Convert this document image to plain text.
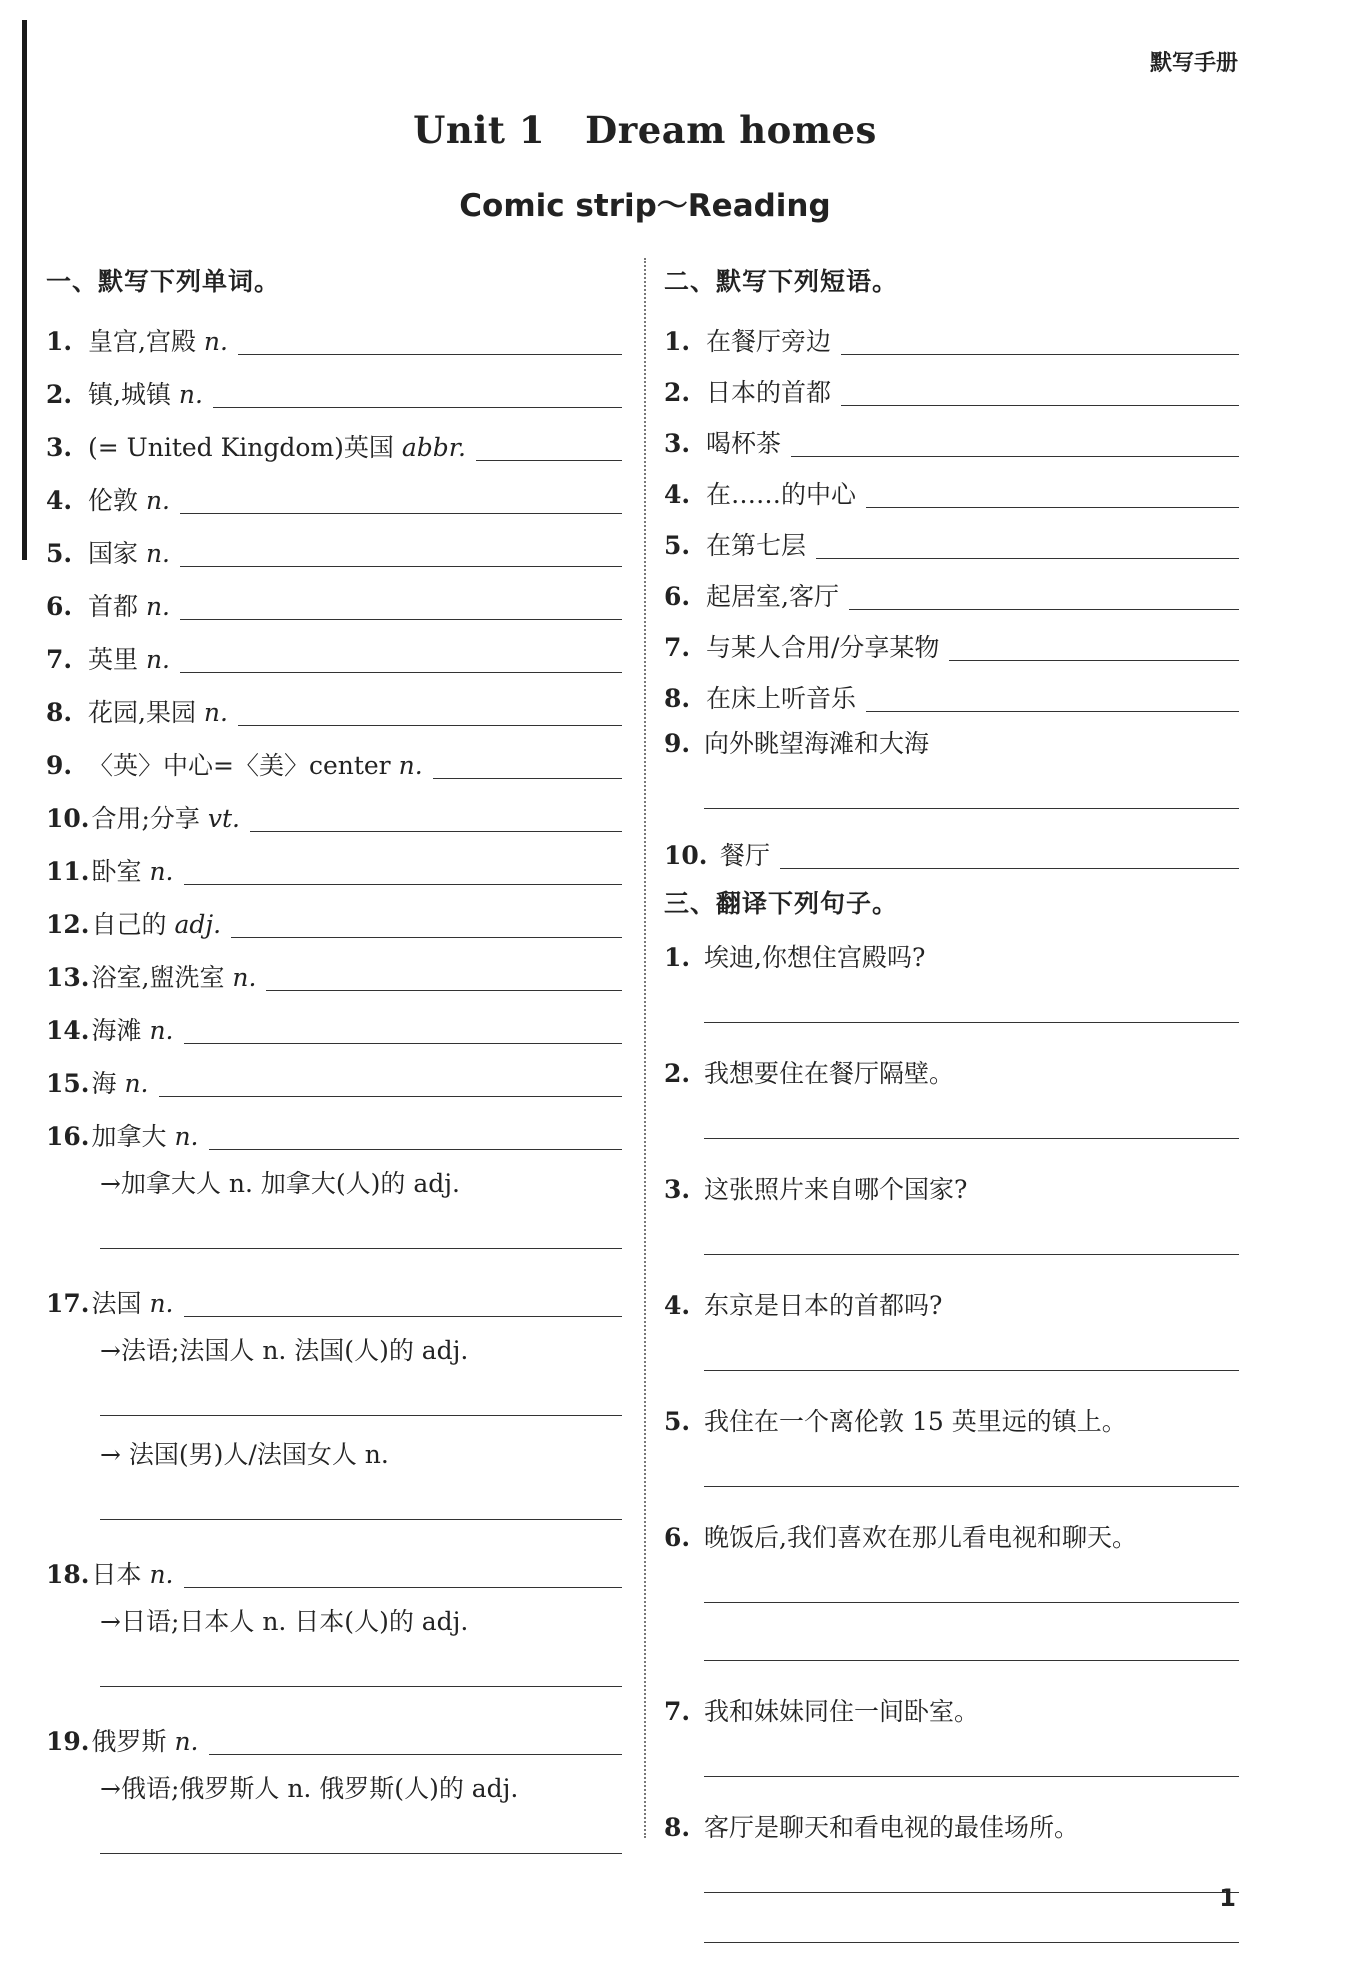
默写手册
Unit 1 Dream homes
Comic strip～Reading
一、默写下列单词。
1. 皇宫,宫殿 n.
2. 镇,城镇 n.
3. (= United Kingdom)英国 abbr.
4. 伦敦 n.
5. 国家 n.
6. 首都 n.
7. 英里 n.
8. 花园,果园 n.
9. 〈英〉中心=〈美〉center n.
10. 合用;分享 vt.
11. 卧室 n.
12. 自己的 adj.
13. 浴室,盥洗室 n.
14. 海滩 n.
15. 海 n.
16. 加拿大 n.
→加拿大人 n. 加拿大(人)的 adj.
17. 法国 n.
→法语;法国人 n. 法国(人)的 adj.
→ 法国(男)人/法国女人 n.
18. 日本 n.
→日语;日本人 n. 日本(人)的 adj.
19. 俄罗斯 n.
→俄语;俄罗斯人 n. 俄罗斯(人)的 adj.
二、默写下列短语。
1. 在餐厅旁边
2. 日本的首都
3. 喝杯茶
4. 在……的中心
5. 在第七层
6. 起居室,客厅
7. 与某人合用/分享某物
8. 在床上听音乐
9. 向外眺望海滩和大海
10. 餐厅
三、翻译下列句子。
1. 埃迪,你想住宫殿吗?
2. 我想要住在餐厅隔壁。
3. 这张照片来自哪个国家?
4. 东京是日本的首都吗?
5. 我住在一个离伦敦 15 英里远的镇上。
6. 晚饭后,我们喜欢在那儿看电视和聊天。
7. 我和妹妹同住一间卧室。
8. 客厅是聊天和看电视的最佳场所。
1
